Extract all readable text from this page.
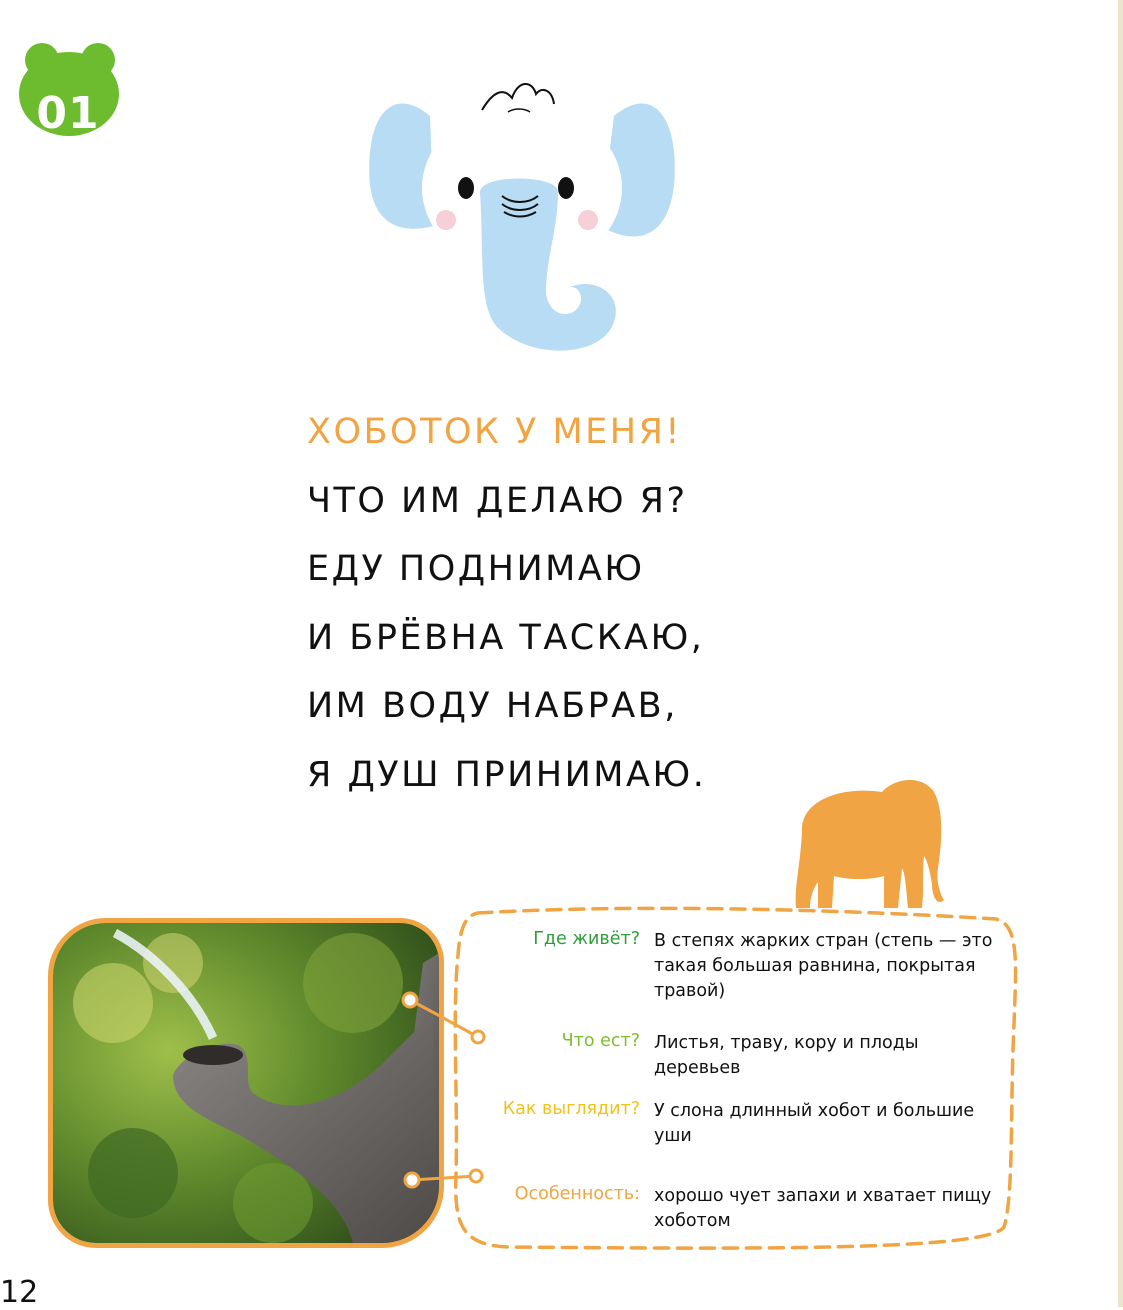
01
ХОБОТОК У МЕНЯ!
ЧТО ИМ ДЕЛАЮ Я?
ЕДУ ПОДНИМАЮ
И БРЁВНА ТАСКАЮ,
ИМ ВОДУ НАБРАВ,
Я ДУШ ПРИНИМАЮ.
Где живёт? В степях жарких стран (степь — это такая большая равнина, покрытая травой)
Что ест? Листья, траву, кору и плоды деревьев
Как выглядит? У слона длинный хобот и большие уши
Особенность: хорошо чует запахи и хватает пищу хоботом
12
